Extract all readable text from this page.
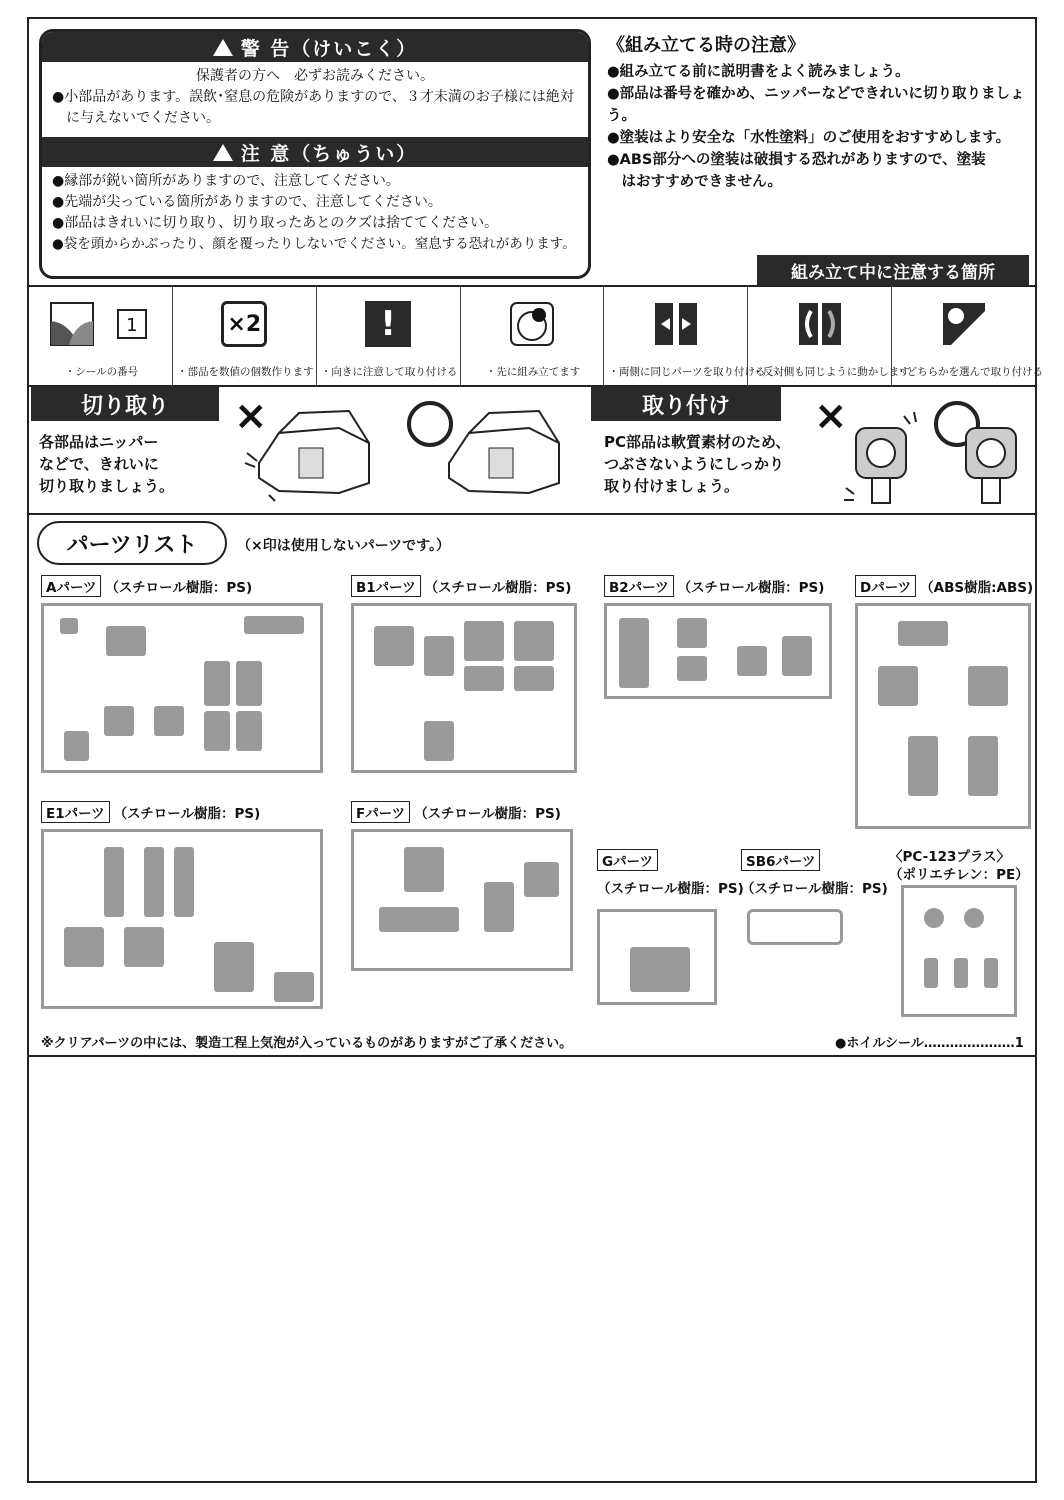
警 告（けいこく）
保護者の方へ　必ずお読みください。
●小部品があります。誤飲･窒息の危険がありますので、３才未満のお子様には絶対
　に与えないでください。
注 意（ちゅうい）
●縁部が鋭い箇所がありますので、注意してください。
●先端が尖っている箇所がありますので、注意してください。
●部品はきれいに切り取り、切り取ったあとのクズは捨ててください。
●袋を頭からかぶったり、顔を覆ったりしないでください。窒息する恐れがあります。
《組み立てる時の注意》
●組み立てる前に説明書をよく読みましょう。
●部品は番号を確かめ、ニッパーなどできれいに切り取りましょう。
●塗装はより安全な「水性塗料」のご使用をおすすめします。
●ABS部分への塗装は破損する恐れがありますので、塗装
　はおすすめできません。
組み立て中に注意する箇所
1
・シールの番号
×2
・部品を数値の個数作ります
!
・向きに注意して取り付ける	・先に組み立てます	・両側に同じパーツを取り付ける
・反対側も同じように動かします
・どちらかを選んで取り付ける
切り取り
各部品はニッパー
などで、きれいに
切り取りましょう。
×	取り付け
PC部品は軟質素材のため、
つぶさないようにしっかり
取り付けましょう。
×
パーツリスト	（×印は使用しないパーツです。）
Aパーツ （スチロール樹脂：PS)	B1パーツ （スチロール樹脂：PS)	B2パーツ （スチロール樹脂：PS)	Dパーツ （ABS樹脂:ABS)
E1パーツ （スチロール樹脂：PS)	Fパーツ （スチロール樹脂：PS)
Gパーツ
（スチロール樹脂：PS)
SB6パーツ
（スチロール樹脂：PS)
〈PC-123プラス〉
（ポリエチレン：PE）
※クリアパーツの中には、製造工程上気泡が入っているものがありますがご了承ください。	●ホイルシール…………………1
